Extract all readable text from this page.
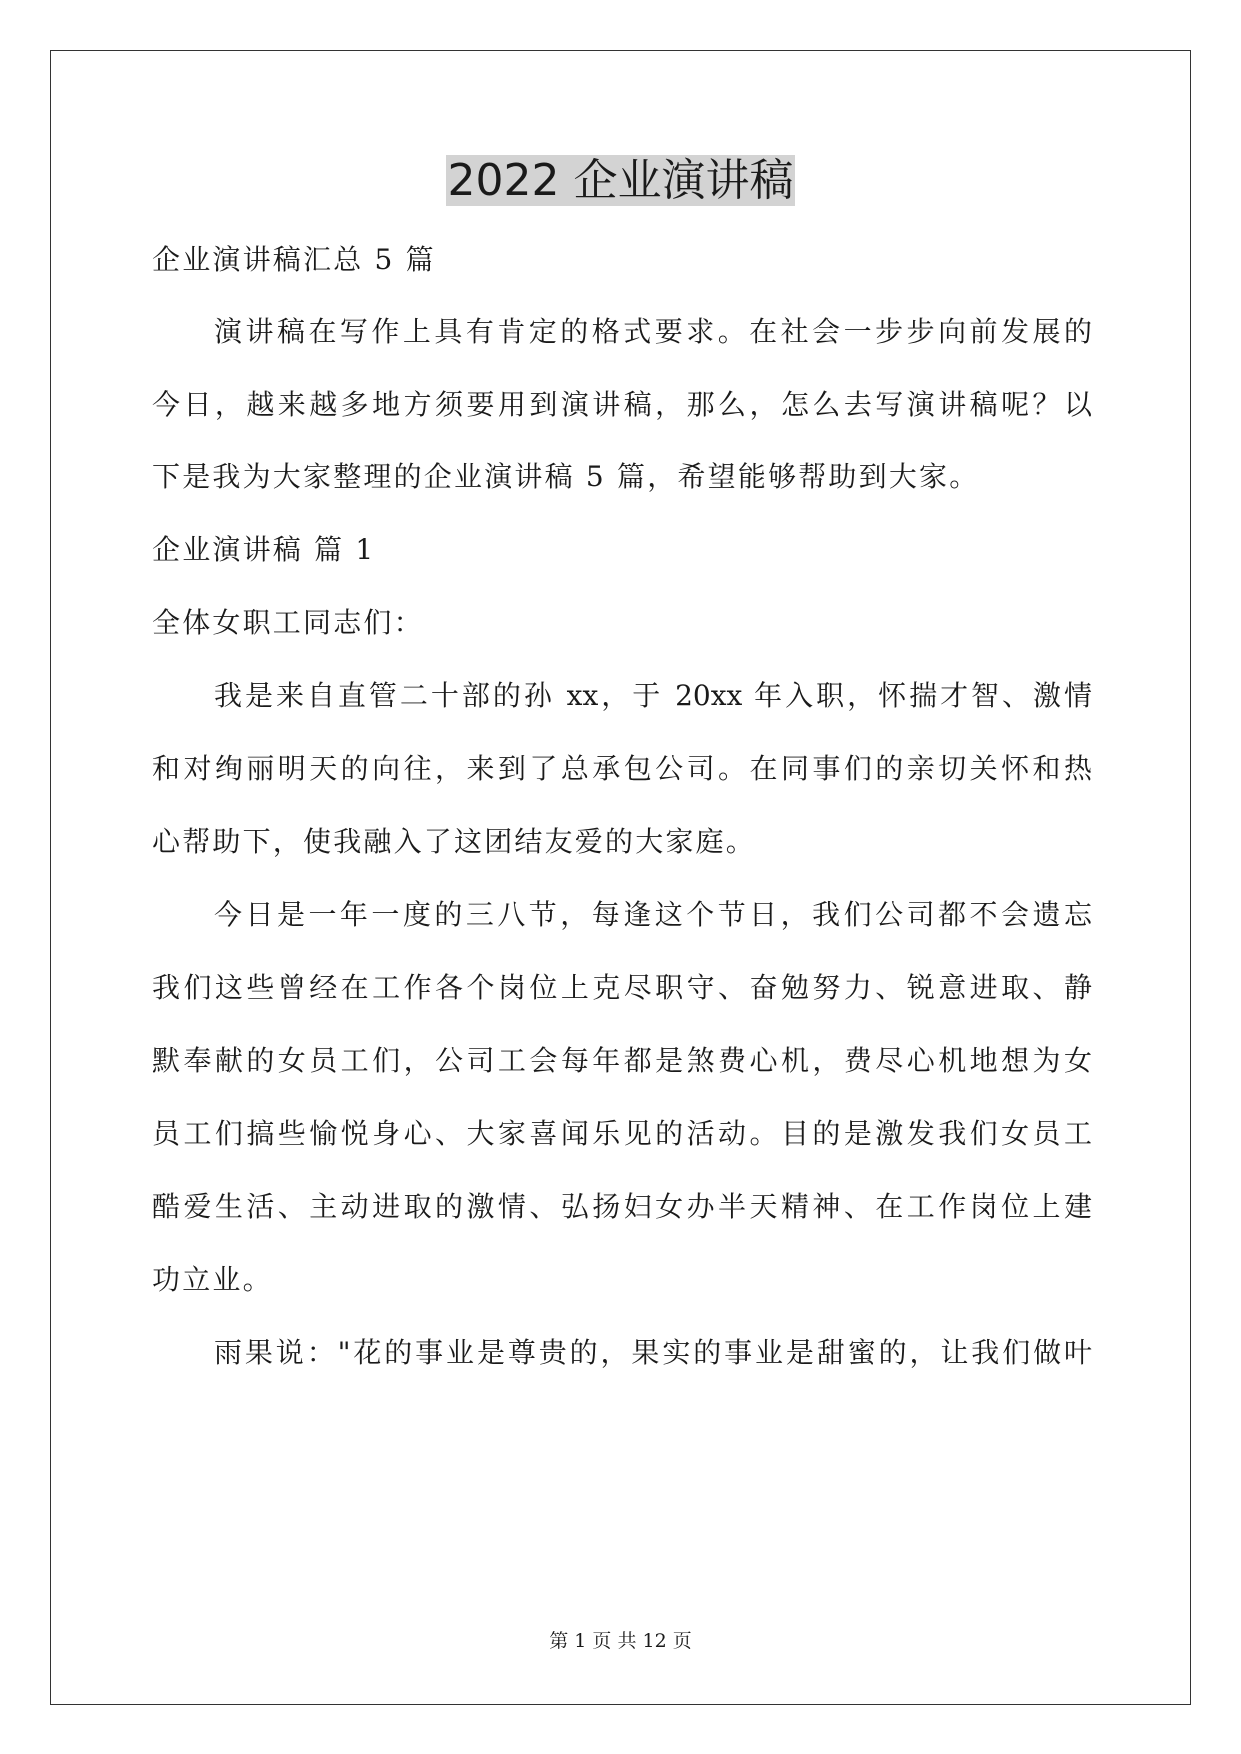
2022 企业演讲稿

企业演讲稿汇总 5 篇

演讲稿在写作上具有肯定的格式要求。在社会一步步向前发展的

今日，越来越多地方须要用到演讲稿，那么，怎么去写演讲稿呢？以

下是我为大家整理的企业演讲稿 5 篇，希望能够帮助到大家。

企业演讲稿 篇 1

全体女职工同志们：

我是来自直管二十部的孙 xx，于 20xx 年入职，怀揣才智、激情

和对绚丽明天的向往，来到了总承包公司。在同事们的亲切关怀和热

心帮助下，使我融入了这团结友爱的大家庭。

今日是一年一度的三八节，每逢这个节日，我们公司都不会遗忘

我们这些曾经在工作各个岗位上克尽职守、奋勉努力、锐意进取、静

默奉献的女员工们，公司工会每年都是煞费心机，费尽心机地想为女

员工们搞些愉悦身心、大家喜闻乐见的活动。目的是激发我们女员工

酷爱生活、主动进取的激情、弘扬妇女办半天精神、在工作岗位上建

功立业。

雨果说："花的事业是尊贵的，果实的事业是甜蜜的，让我们做叶

第 1 页 共 12 页
